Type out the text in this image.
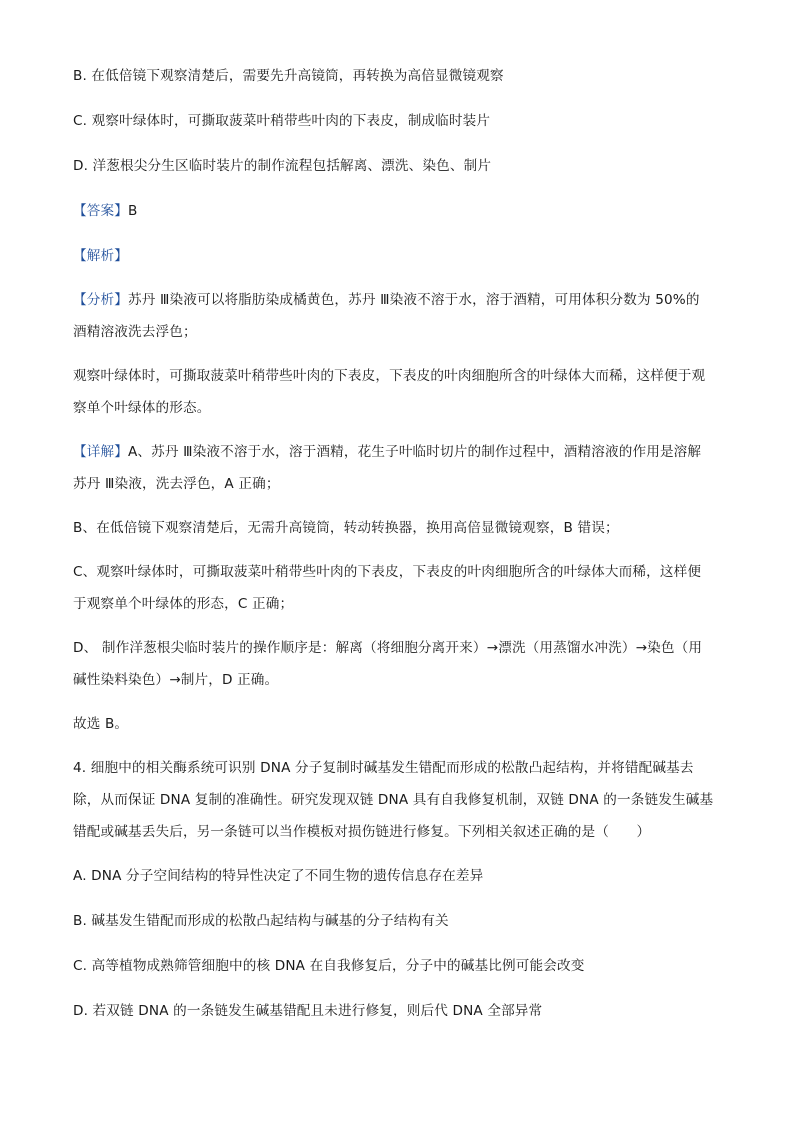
B. 在低倍镜下观察清楚后，需要先升高镜筒，再转换为高倍显微镜观察
C. 观察叶绿体时，可撕取菠菜叶稍带些叶肉的下表皮，制成临时装片
D. 洋葱根尖分生区临时装片的制作流程包括解离、漂洗、染色、制片
【答案】B
【解析】
【分析】苏丹 Ⅲ染液可以将脂肪染成橘黄色，苏丹 Ⅲ染液不溶于水，溶于酒精，可用体积分数为 50%的
酒精溶液洗去浮色；
观察叶绿体时，可撕取菠菜叶稍带些叶肉的下表皮，下表皮的叶肉细胞所含的叶绿体大而稀，这样便于观
察单个叶绿体的形态。
【详解】A、苏丹 Ⅲ染液不溶于水，溶于酒精，花生子叶临时切片的制作过程中，酒精溶液的作用是溶解
苏丹 Ⅲ染液，洗去浮色，A 正确；
B、在低倍镜下观察清楚后，无需升高镜筒，转动转换器，换用高倍显微镜观察，B 错误；
C、观察叶绿体时，可撕取菠菜叶稍带些叶肉的下表皮，下表皮的叶肉细胞所含的叶绿体大而稀，这样便
于观察单个叶绿体的形态，C 正确；
D、 制作洋葱根尖临时装片的操作顺序是：解离（将细胞分离开来）→漂洗（用蒸馏水冲洗）→染色（用
碱性染料染色）→制片，D 正确。
故选 B。
4. 细胞中的相关酶系统可识别 DNA 分子复制时碱基发生错配而形成的松散凸起结构，并将错配碱基去
除，从而保证 DNA 复制的准确性。研究发现双链 DNA 具有自我修复机制，双链 DNA 的一条链发生碱基
错配或碱基丢失后，另一条链可以当作模板对损伤链进行修复。下列相关叙述正确的是（　　）
A. DNA 分子空间结构的特异性决定了不同生物的遗传信息存在差异
B. 碱基发生错配而形成的松散凸起结构与碱基的分子结构有关
C. 高等植物成熟筛管细胞中的核 DNA 在自我修复后，分子中的碱基比例可能会改变
D. 若双链 DNA 的一条链发生碱基错配且未进行修复，则后代 DNA 全部异常
